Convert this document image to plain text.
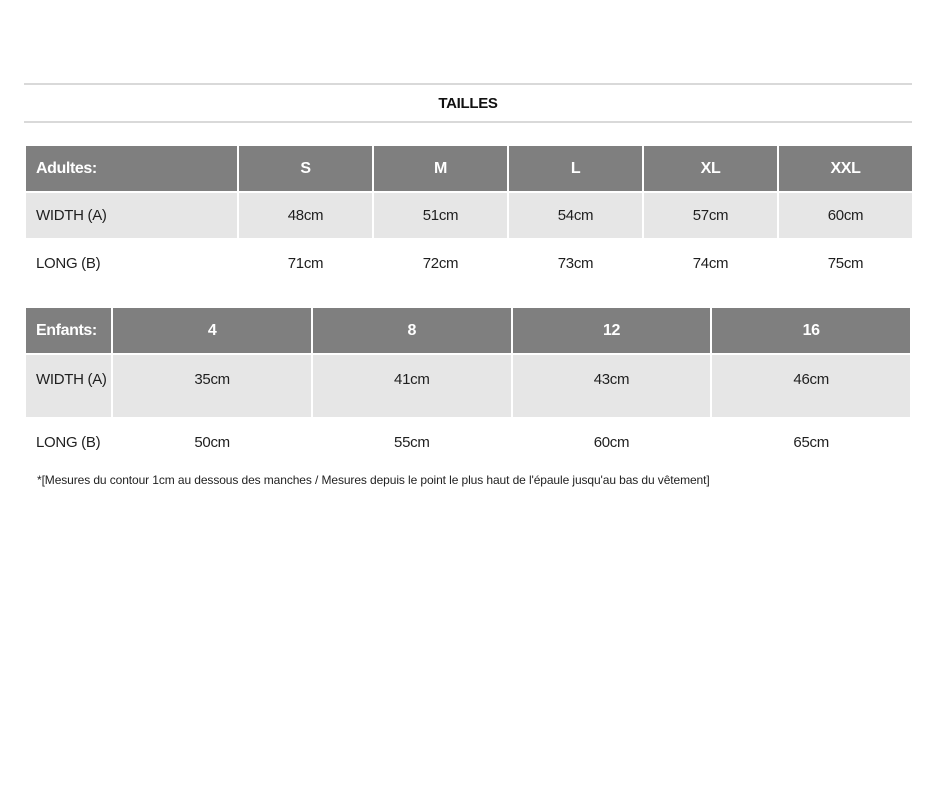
TAILLES
Adultes:	S	M	L	XL	XXL
WIDTH (A)	48cm	51cm	54cm	57cm	60cm
LONG (B)	71cm	72cm	73cm	74cm	75cm
Enfants:	4	8	12	16
WIDTH (A)	35cm	41cm	43cm	46cm
LONG (B)	50cm	55cm	60cm	65cm
*[Mesures du contour 1cm au dessous des manches / Mesures depuis le point le plus haut de l'épaule jusqu'au bas du vêtement]
